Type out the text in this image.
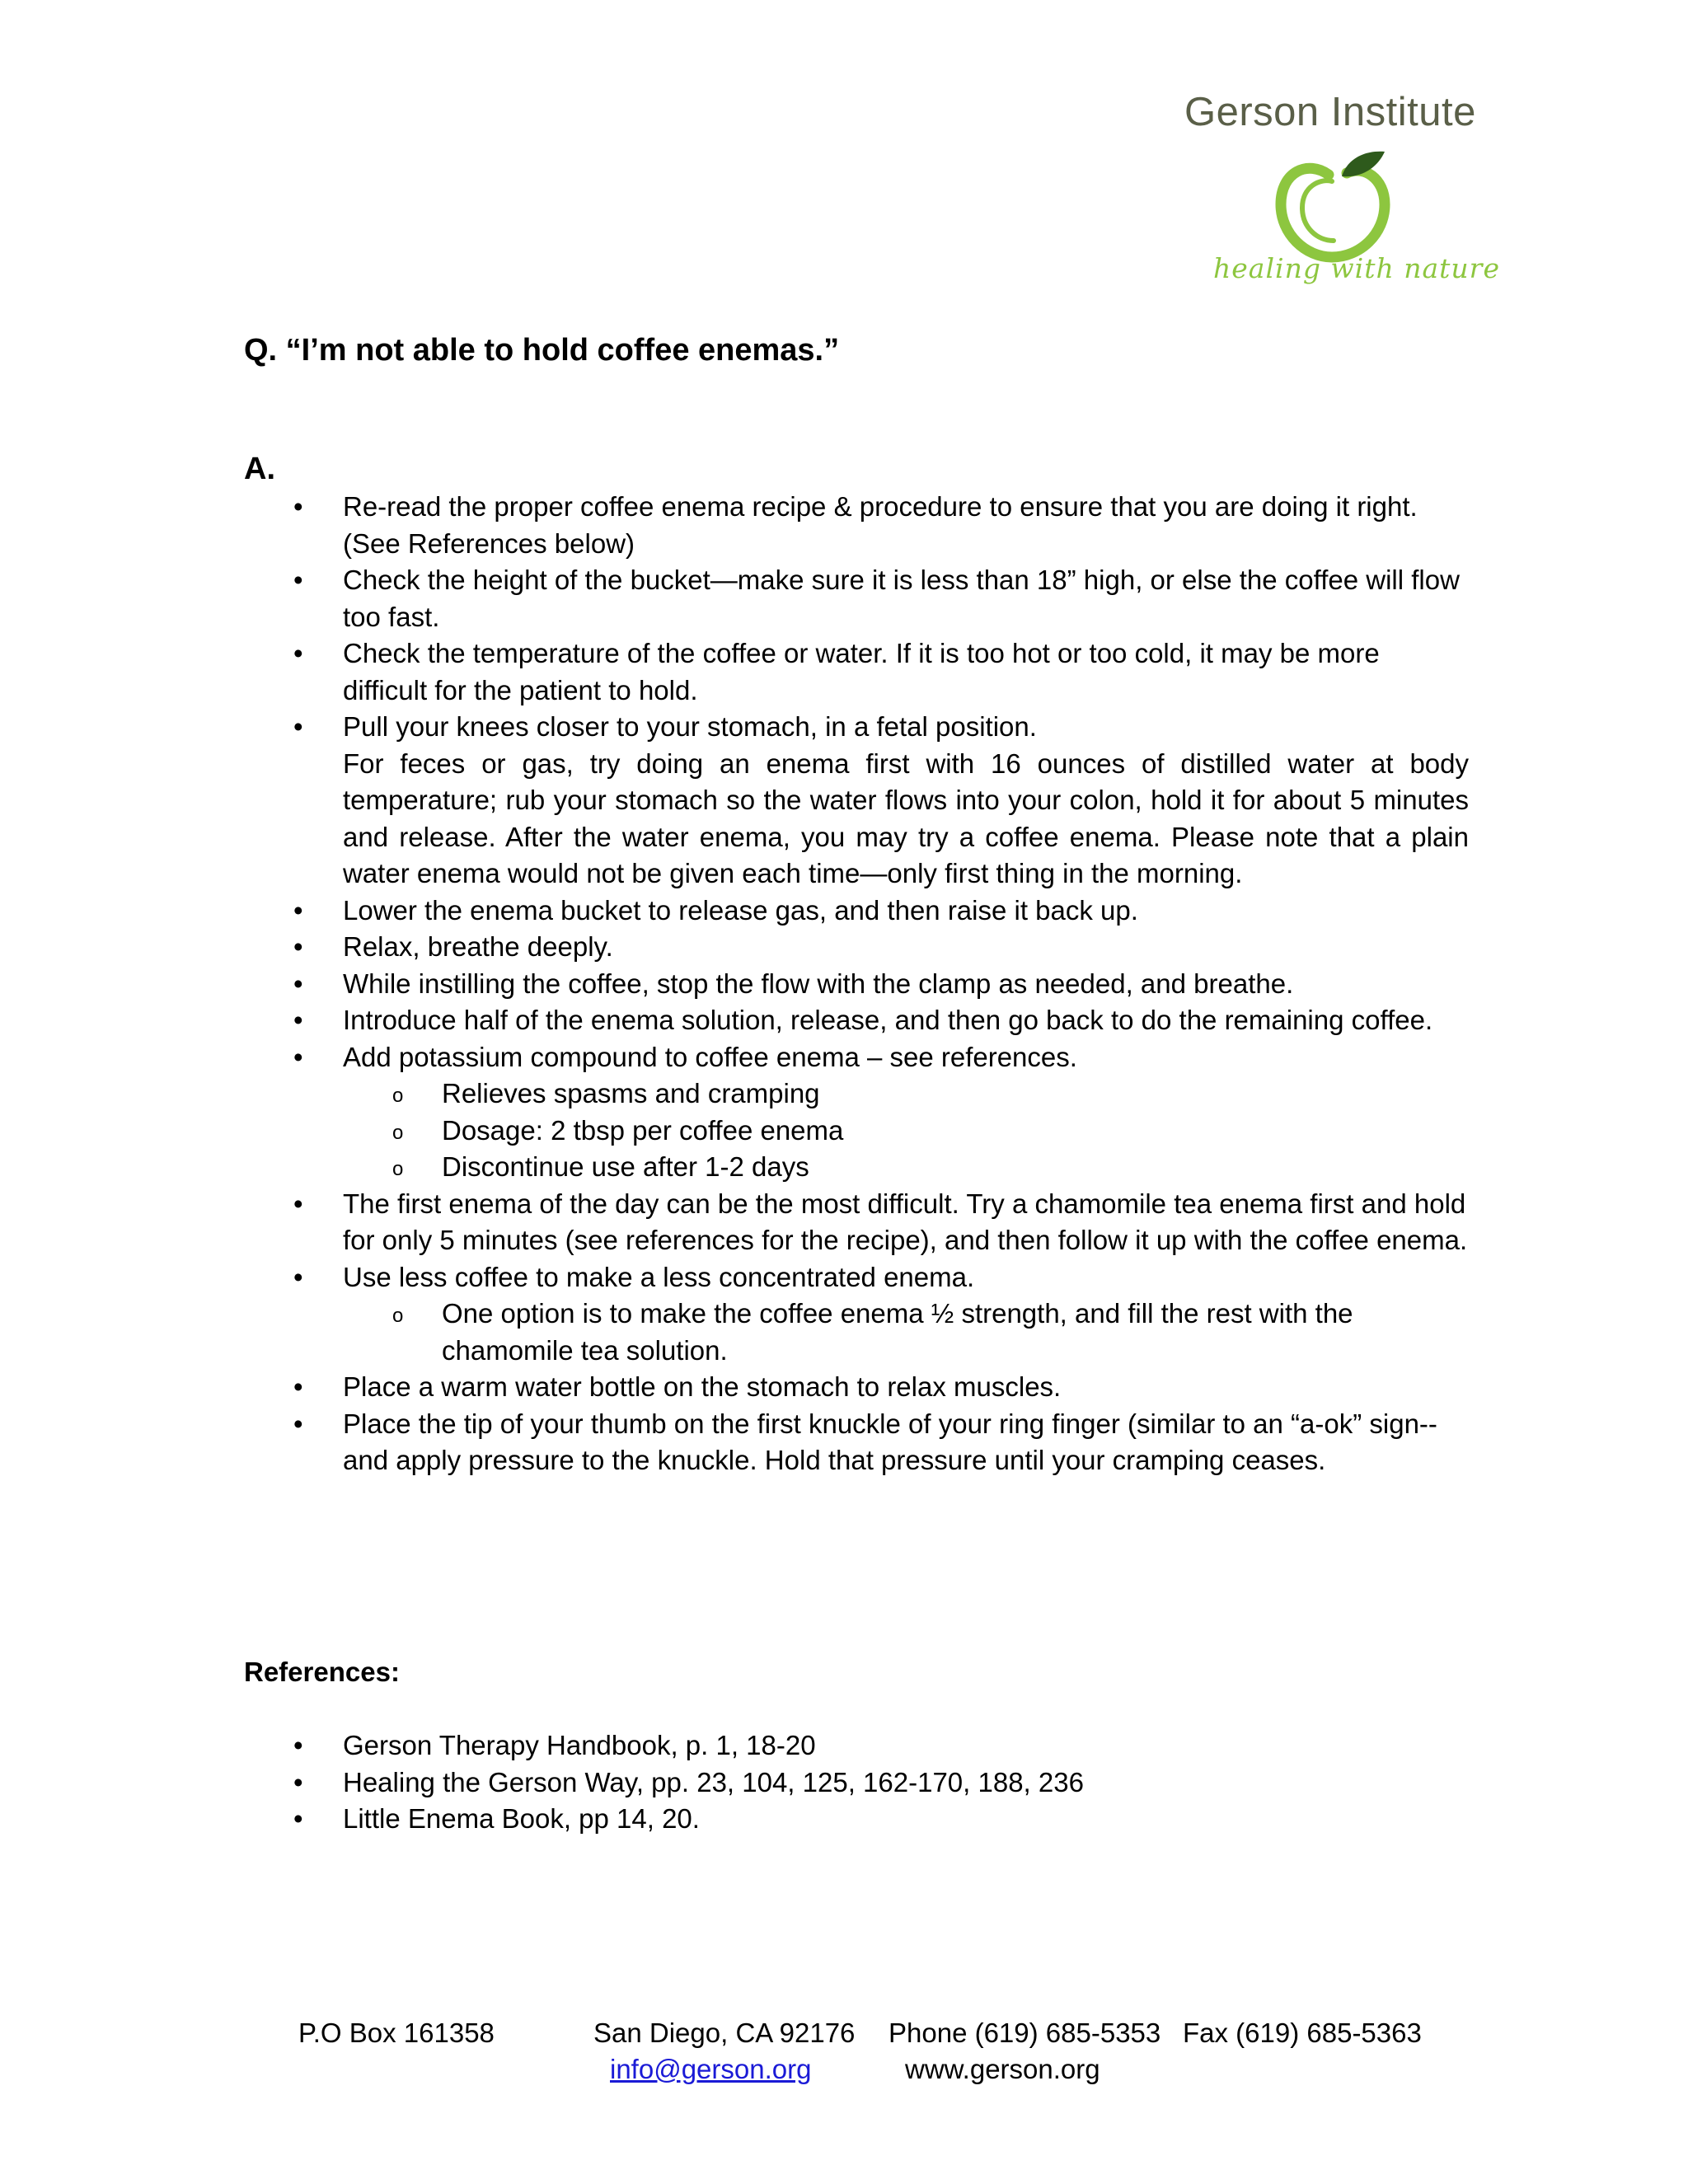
Gerson Institute
healing with nature
Q. “I’m not able to hold coffee enemas.”
A.
• Re-read the proper coffee enema recipe & procedure to ensure that you are doing it right. (See References below)
• Check the height of the bucket—make sure it is less than 18” high, or else the coffee will flow too fast.
• Check the temperature of the coffee or water. If it is too hot or too cold, it may be more difficult for the patient to hold.
• Pull your knees closer to your stomach, in a fetal position.
For feces or gas, try doing an enema first with 16 ounces of distilled water at body temperature; rub your stomach so the water flows into your colon, hold it for about 5 minutes and release. After the water enema, you may try a coffee enema. Please note that a plain water enema would not be given each time—only first thing in the morning.
• Lower the enema bucket to release gas, and then raise it back up.
• Relax, breathe deeply.
• While instilling the coffee, stop the flow with the clamp as needed, and breathe.
• Introduce half of the enema solution, release, and then go back to do the remaining coffee.
• Add potassium compound to coffee enema – see references.
o Relieves spasms and cramping
o Dosage: 2 tbsp per coffee enema
o Discontinue use after 1-2 days
• The first enema of the day can be the most difficult. Try a chamomile tea enema first and hold for only 5 minutes (see references for the recipe), and then follow it up with the coffee enema.
• Use less coffee to make a less concentrated enema.
o One option is to make the coffee enema ½ strength, and fill the rest with the chamomile tea solution.
• Place a warm water bottle on the stomach to relax muscles.
• Place the tip of your thumb on the first knuckle of your ring finger (similar to an “a-ok” sign--and apply pressure to the knuckle. Hold that pressure until your cramping ceases.
References:
• Gerson Therapy Handbook, p. 1, 18-20
• Healing the Gerson Way, pp. 23, 104, 125, 162-170, 188, 236
• Little Enema Book, pp 14, 20.
P.O Box 161358	San Diego, CA 92176 Phone (619) 685-5353 Fax (619) 685-5363
info@gerson.org	www.gerson.org
